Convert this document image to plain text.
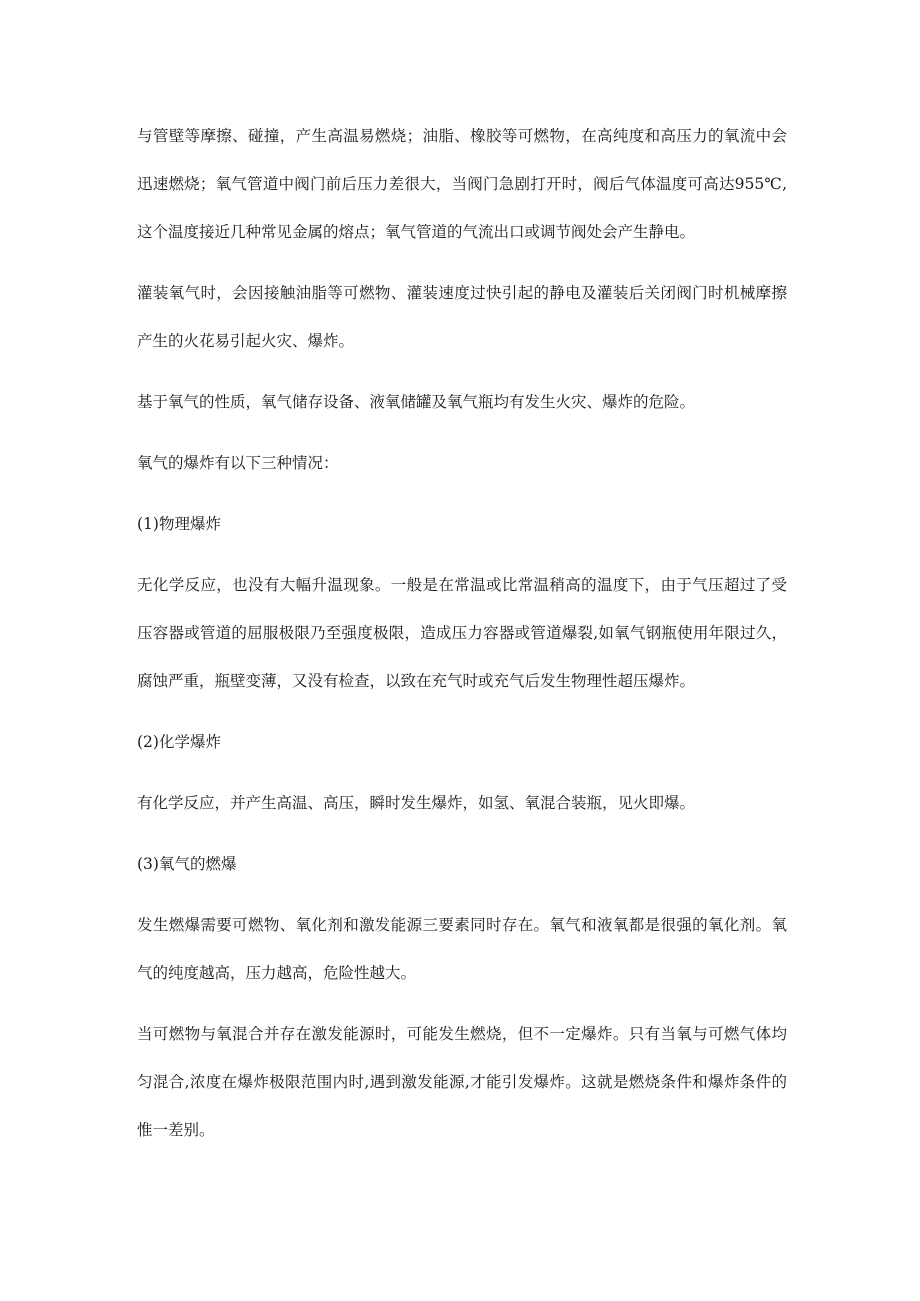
与管壁等摩擦、碰撞，产生高温易燃烧；油脂、橡胶等可燃物，在高纯度和高压力的氧流中会迅速燃烧；氧气管道中阀门前后压力差很大，当阀门急剧打开时，阀后气体温度可高达955℃,这个温度接近几种常见金属的熔点；氧气管道的气流出口或调节阀处会产生静电。

灌装氧气时，会因接触油脂等可燃物、灌装速度过快引起的静电及灌装后关闭阀门时机械摩擦产生的火花易引起火灾、爆炸。

基于氧气的性质，氧气储存设备、液氧储罐及氧气瓶均有发生火灾、爆炸的危险。

氧气的爆炸有以下三种情况：

(1)物理爆炸

无化学反应，也没有大幅升温现象。一般是在常温或比常温稍高的温度下，由于气压超过了受压容器或管道的屈服极限乃至强度极限，造成压力容器或管道爆裂,如氧气钢瓶使用年限过久，腐蚀严重，瓶壁变薄，又没有检查，以致在充气时或充气后发生物理性超压爆炸。

(2)化学爆炸

有化学反应，并产生高温、高压，瞬时发生爆炸，如氢、氧混合装瓶，见火即爆。

(3)氧气的燃爆

发生燃爆需要可燃物、氧化剂和激发能源三要素同时存在。氧气和液氧都是很强的氧化剂。氧气的纯度越高，压力越高，危险性越大。

当可燃物与氧混合并存在激发能源时，可能发生燃烧，但不一定爆炸。只有当氧与可燃气体均匀混合,浓度在爆炸极限范围内时,遇到激发能源,才能引发爆炸。这就是燃烧条件和爆炸条件的惟一差别。
